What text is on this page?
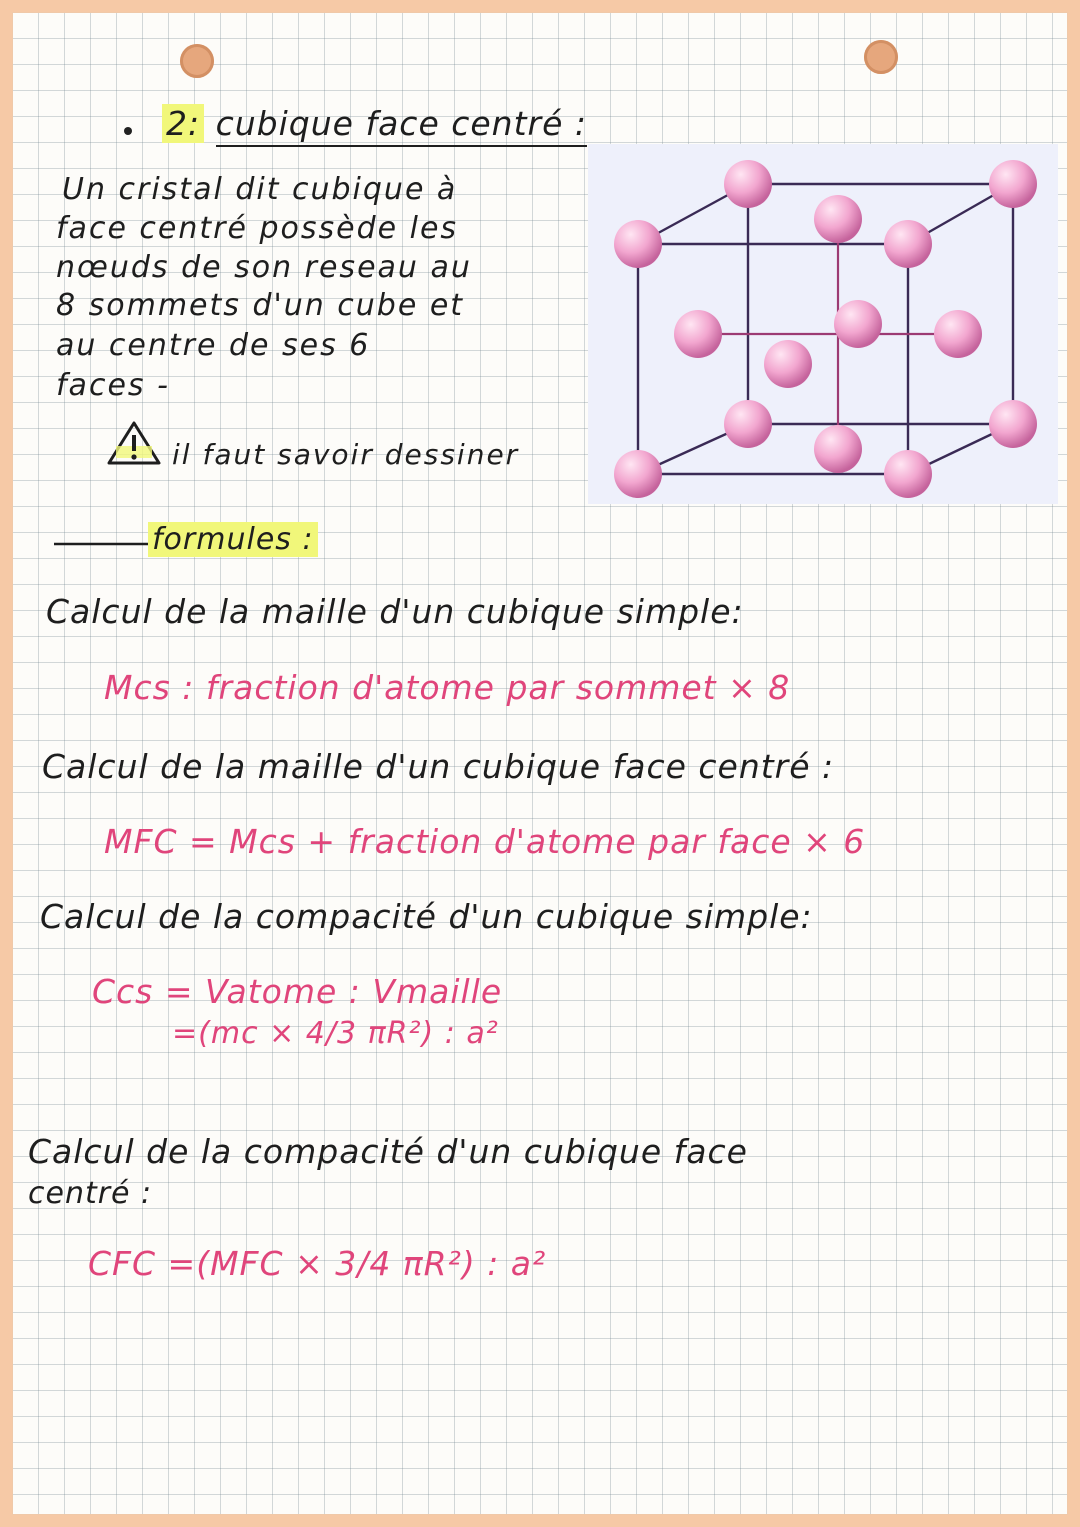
2: cubique face centré :
Un cristal dit cubique à
face centré possède les
nœuds de son reseau au
8 sommets d'un cube et
au centre de ses 6
faces -
il faut savoir dessiner
formules :
Calcul de la maille d'un cubique simple:
Mcs : fraction d'atome par sommet × 8
Calcul de la maille d'un cubique face centré :
MFC = Mcs + fraction d'atome par face × 6
Calcul de la compacité d'un cubique simple:
Ccs = Vatome : Vmaille
=(mc × 4/3 πR²) : a²
Calcul de la compacité d'un cubique face
centré :
CFC =(MFC × 3/4 πR²) : a²
